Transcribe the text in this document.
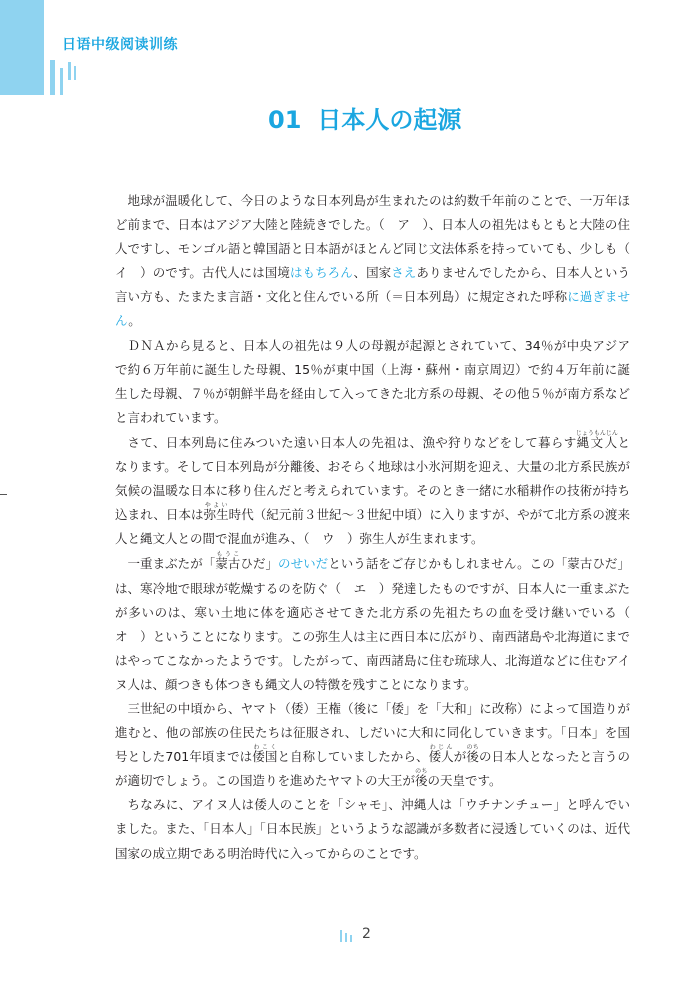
日语中级阅读训练
01 日本人の起源

地球が温暖化して、今日のような日本列島が生まれたのは約数千年前のことで、一万年ほど前まで、日本はアジア大陸と陸続きでした。（　ア　）、日本人の祖先はもともと大陸の住人ですし、モンゴル語と韓国語と日本語がほとんど同じ文法体系を持っていても、少しも（　イ　）のです。古代人には国境はもちろん、国家さえありませんでしたから、日本人という言い方も、たまたま言語・文化と住んでいる所（＝日本列島）に規定された呼称に過ぎません。

ＤＮＡから見ると、日本人の祖先は９人の母親が起源とされていて、34％が中央アジアで約６万年前に誕生した母親、15％が東中国（上海・蘇州・南京周辺）で約４万年前に誕生した母親、７％が朝鮮半島を経由して入ってきた北方系の母親、その他５％が南方系などと言われています。

さて、日本列島に住みついた遠い日本人の先祖は、漁や狩りなどをして暮らす縄文人じょうもんじんとなります。そして日本列島が分離後、おそらく地球は小氷河期を迎え、大量の北方系民族が気候の温暖な日本に移り住んだと考えられています。そのとき一緒に水稲耕作の技術が持ち込まれ、日本は弥生やよい時代（紀元前３世紀～３世紀中頃）に入りますが、やがて北方系の渡来人と縄文人との間で混血が進み、（　ウ　）弥生人が生まれます。

一重まぶたが「蒙古もうこひだ」のせいだという話をご存じかもしれません。この「蒙古ひだ」は、寒冷地で眼球が乾燥するのを防ぐ（　エ　）発達したものですが、日本人に一重まぶたが多いのは、寒い土地に体を適応させてきた北方系の先祖たちの血を受け継いでいる（　オ　）ということになります。この弥生人は主に西日本に広がり、南西諸島や北海道にまではやってこなかったようです。したがって、南西諸島に住む琉球人、北海道などに住むアイヌ人は、顔つきも体つきも縄文人の特徴を残すことになります。

三世紀の中頃から、ヤマト（倭）王権（後に「倭」を「大和」に改称）によって国造りが進むと、他の部族の住民たちは征服され、しだいに大和に同化していきます。「日本」を国号とした701年頃までは倭国わこくと自称していましたから、倭人わじんが後のちの日本人となったと言うのが適切でしょう。この国造りを進めたヤマトの大王が後のちの天皇です。

ちなみに、アイヌ人は倭人のことを「シャモ」、沖縄人は「ウチナンチュー」と呼んでいました。また、「日本人」「日本民族」というような認識が多数者に浸透していくのは、近代国家の成立期である明治時代に入ってからのことです。

2
